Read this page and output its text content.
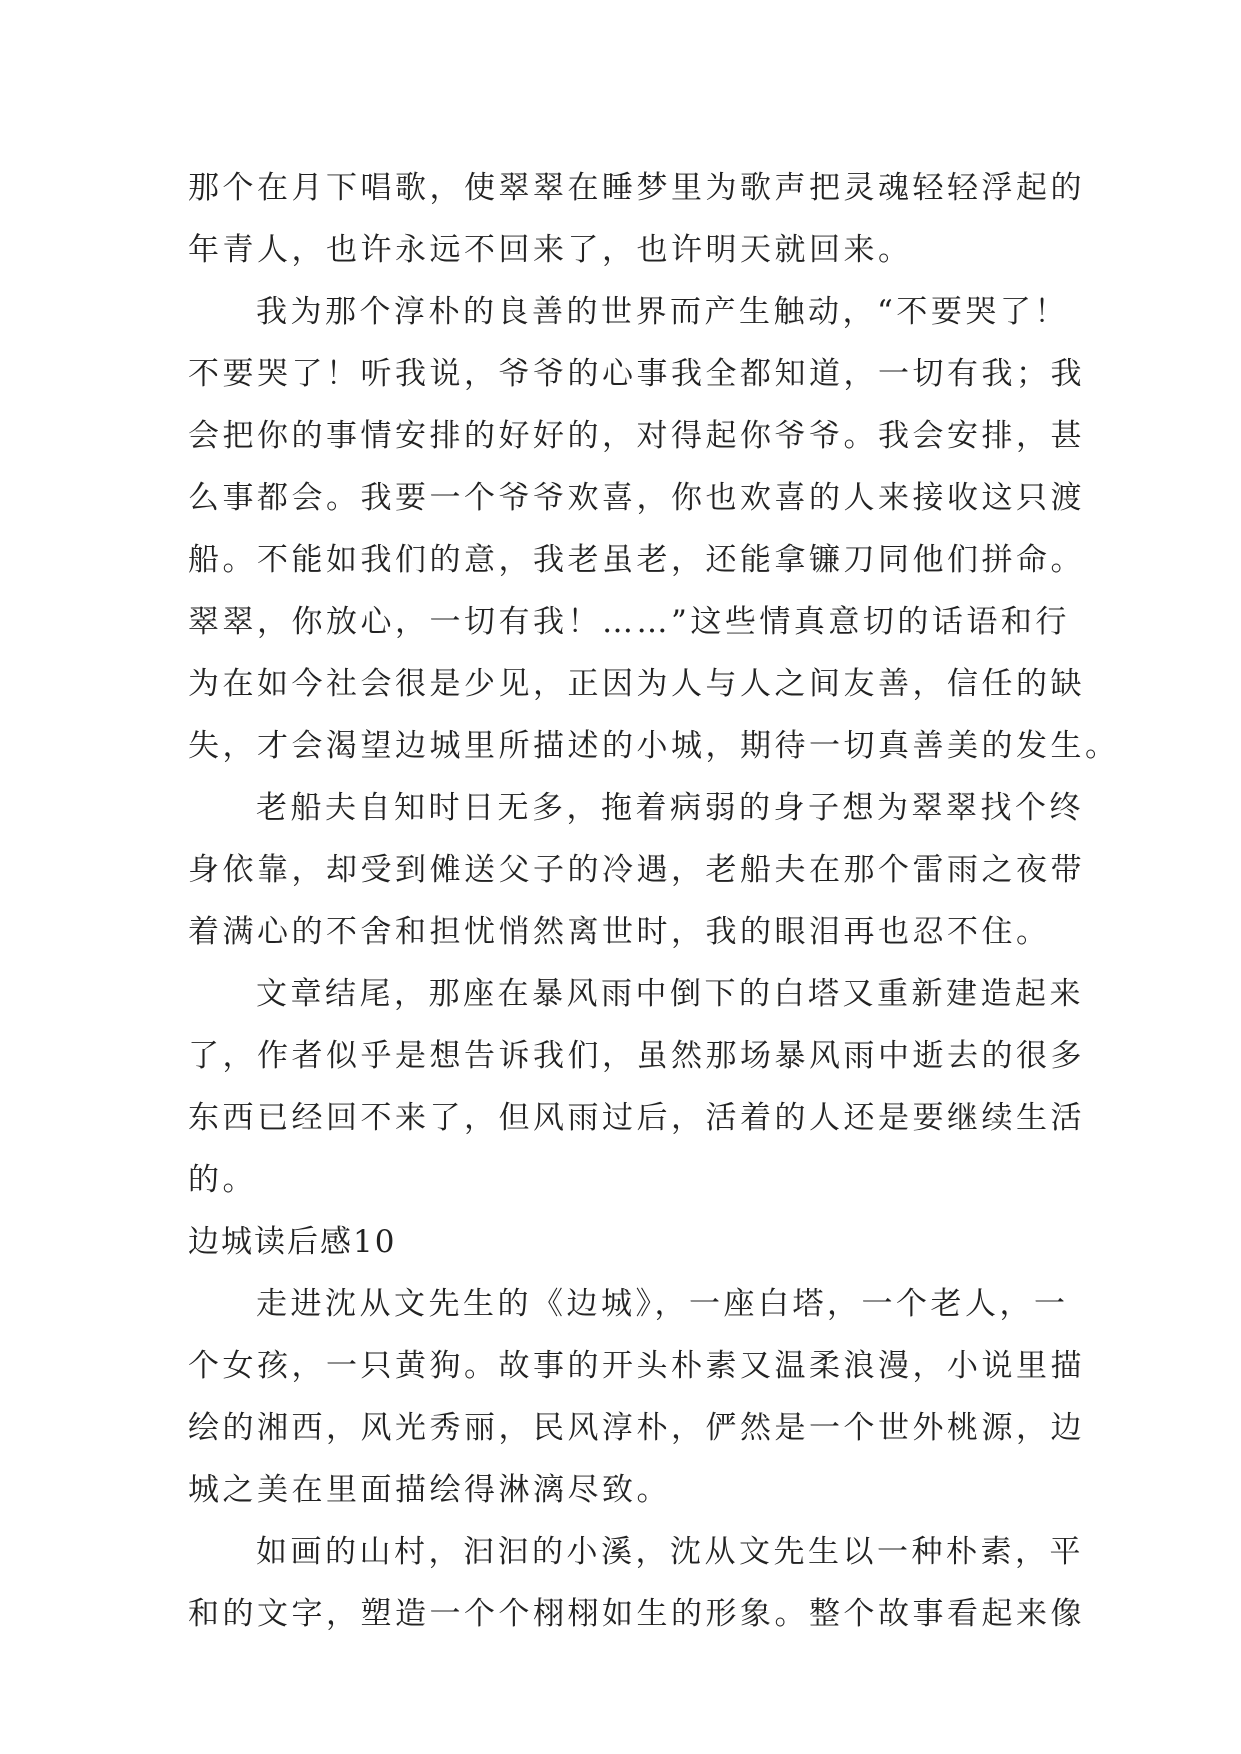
那个在月下唱歌，使翠翠在睡梦里为歌声把灵魂轻轻浮起的
年青人，也许永远不回来了，也许明天就回来。
我为那个淳朴的良善的世界而产生触动，“不要哭了！
不要哭了！听我说，爷爷的心事我全都知道，一切有我；我
会把你的事情安排的好好的，对得起你爷爷。我会安排，甚
么事都会。我要一个爷爷欢喜，你也欢喜的人来接收这只渡
船。不能如我们的意，我老虽老，还能拿镰刀同他们拼命。
翠翠，你放心，一切有我！……”这些情真意切的话语和行
为在如今社会很是少见，正因为人与人之间友善，信任的缺
失，才会渴望边城里所描述的小城，期待一切真善美的发生。
老船夫自知时日无多，拖着病弱的身子想为翠翠找个终
身依靠，却受到傩送父子的冷遇，老船夫在那个雷雨之夜带
着满心的不舍和担忧悄然离世时，我的眼泪再也忍不住。
文章结尾，那座在暴风雨中倒下的白塔又重新建造起来
了，作者似乎是想告诉我们，虽然那场暴风雨中逝去的很多
东西已经回不来了，但风雨过后，活着的人还是要继续生活
的。
边城读后感10
走进沈从文先生的《边城》，一座白塔，一个老人，一
个女孩，一只黄狗。故事的开头朴素又温柔浪漫，小说里描
绘的湘西，风光秀丽，民风淳朴，俨然是一个世外桃源，边
城之美在里面描绘得淋漓尽致。
如画的山村，汩汩的小溪，沈从文先生以一种朴素，平
和的文字，塑造一个个栩栩如生的形象。整个故事看起来像
